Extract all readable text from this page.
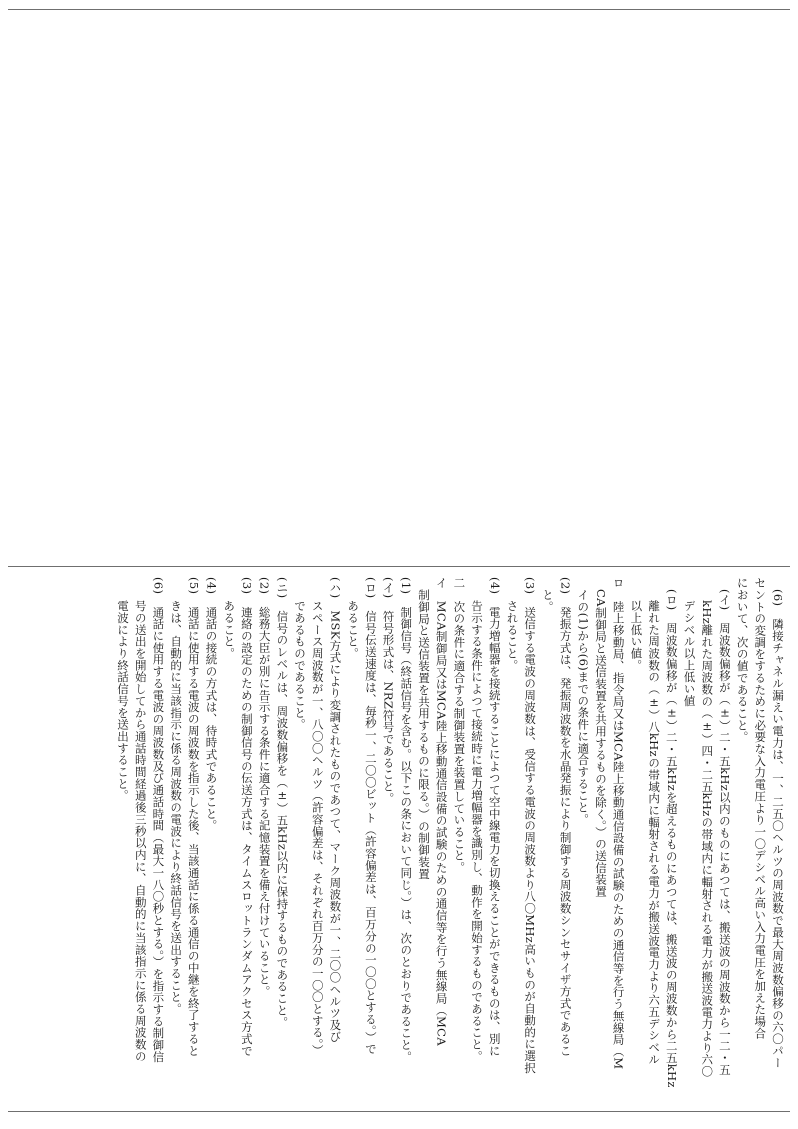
(6)　隣接チャネル漏えい電力は、一、二五〇ヘルツの周波数で最大周波数偏移の六〇パー

セントの変調をするために必要な入力電圧より一〇デシベル高い入力電圧を加えた場合

において、次の値であること。

(イ)　周波数偏移が（±）二・五kHz以内のものにあつては、搬送波の周波数から一二・五

kHz離れた周波数の（±）四・二五kHzの帯域内に輻射される電力が搬送波電力より六〇

デシベル以上低い値

(ロ)　周波数偏移が（±）二・五kHzを超えるものにあつては、搬送波の周波数から二五kHz

離れた周波数の（±）八kHzの帯域内に輻射される電力が搬送波電力より六五デシベル

以上低い値。

ロ　陸上移動局、指令局又はMCA陸上移動通信設備の試験のための通信等を行う無線局（M

CA制御局と送信装置を共用するものを除く。）の送信装置

イの(1)から(6)までの条件に適合すること。

(2)　発振方式は、発振周波数を水晶発振により制御する周波数シンセサイザ方式であるこ

と。

(3)　送信する電波の周波数は、受信する電波の周波数より八〇MHz高いものが自動的に選択

されること。

(4)　電力増幅器を接続することによつて空中線電力を切換えることができるものは、別に

告示する条件によつて接続時に電力増幅器を識別し、動作を開始するものであること。

二　次の条件に適合する制御装置を装置していること。

イ　MCA制御局又はMCA陸上移動通信設備の試験のための通信等を行う無線局（MCA

制御局と送信装置を共用するものに限る。）の制御装置

(1)　制御信号（終話信号を含む。以下この条において同じ。）は、次のとおりであること。

(イ)　符号形式は、NRZ符号であること。

(ロ)　信号伝送速度は、毎秒一、二〇〇ビット（許容偏差は、百万分の一〇〇とする。）で

あること。

(ハ)　MSK方式により変調されたものであつて、マーク周波数が一、二〇〇ヘルツ及び

スペース周波数が一、八〇〇ヘルツ（許容偏差は、それぞれ百万分の一〇〇とする。）

であるものであること。

(ニ)　信号のレベルは、周波数偏移を（±）五kHz以内に保持するものであること。

(2)　総務大臣が別に告示する条件に適合する記憶装置を備え付けていること。

(3)　連絡の設定のための制御信号の伝送方式は、タイムスロットランダムアクセス方式で

あること。

(4)　通話の接続の方式は、待時式であること。

(5)　通話に使用する電波の周波数を指示した後、当該通話に係る通信の中継を終了すると

きは、自動的に当該指示に係る周波数の電波により終話信号を送出すること。

(6)　通話に使用する電波の周波数及び通話時間（最大一八〇秒とする。）を指示する制御信

号の送出を開始してから通話時間経過後三秒以内に、自動的に当該指示に係る周波数の

電波により終話信号を送出すること。
